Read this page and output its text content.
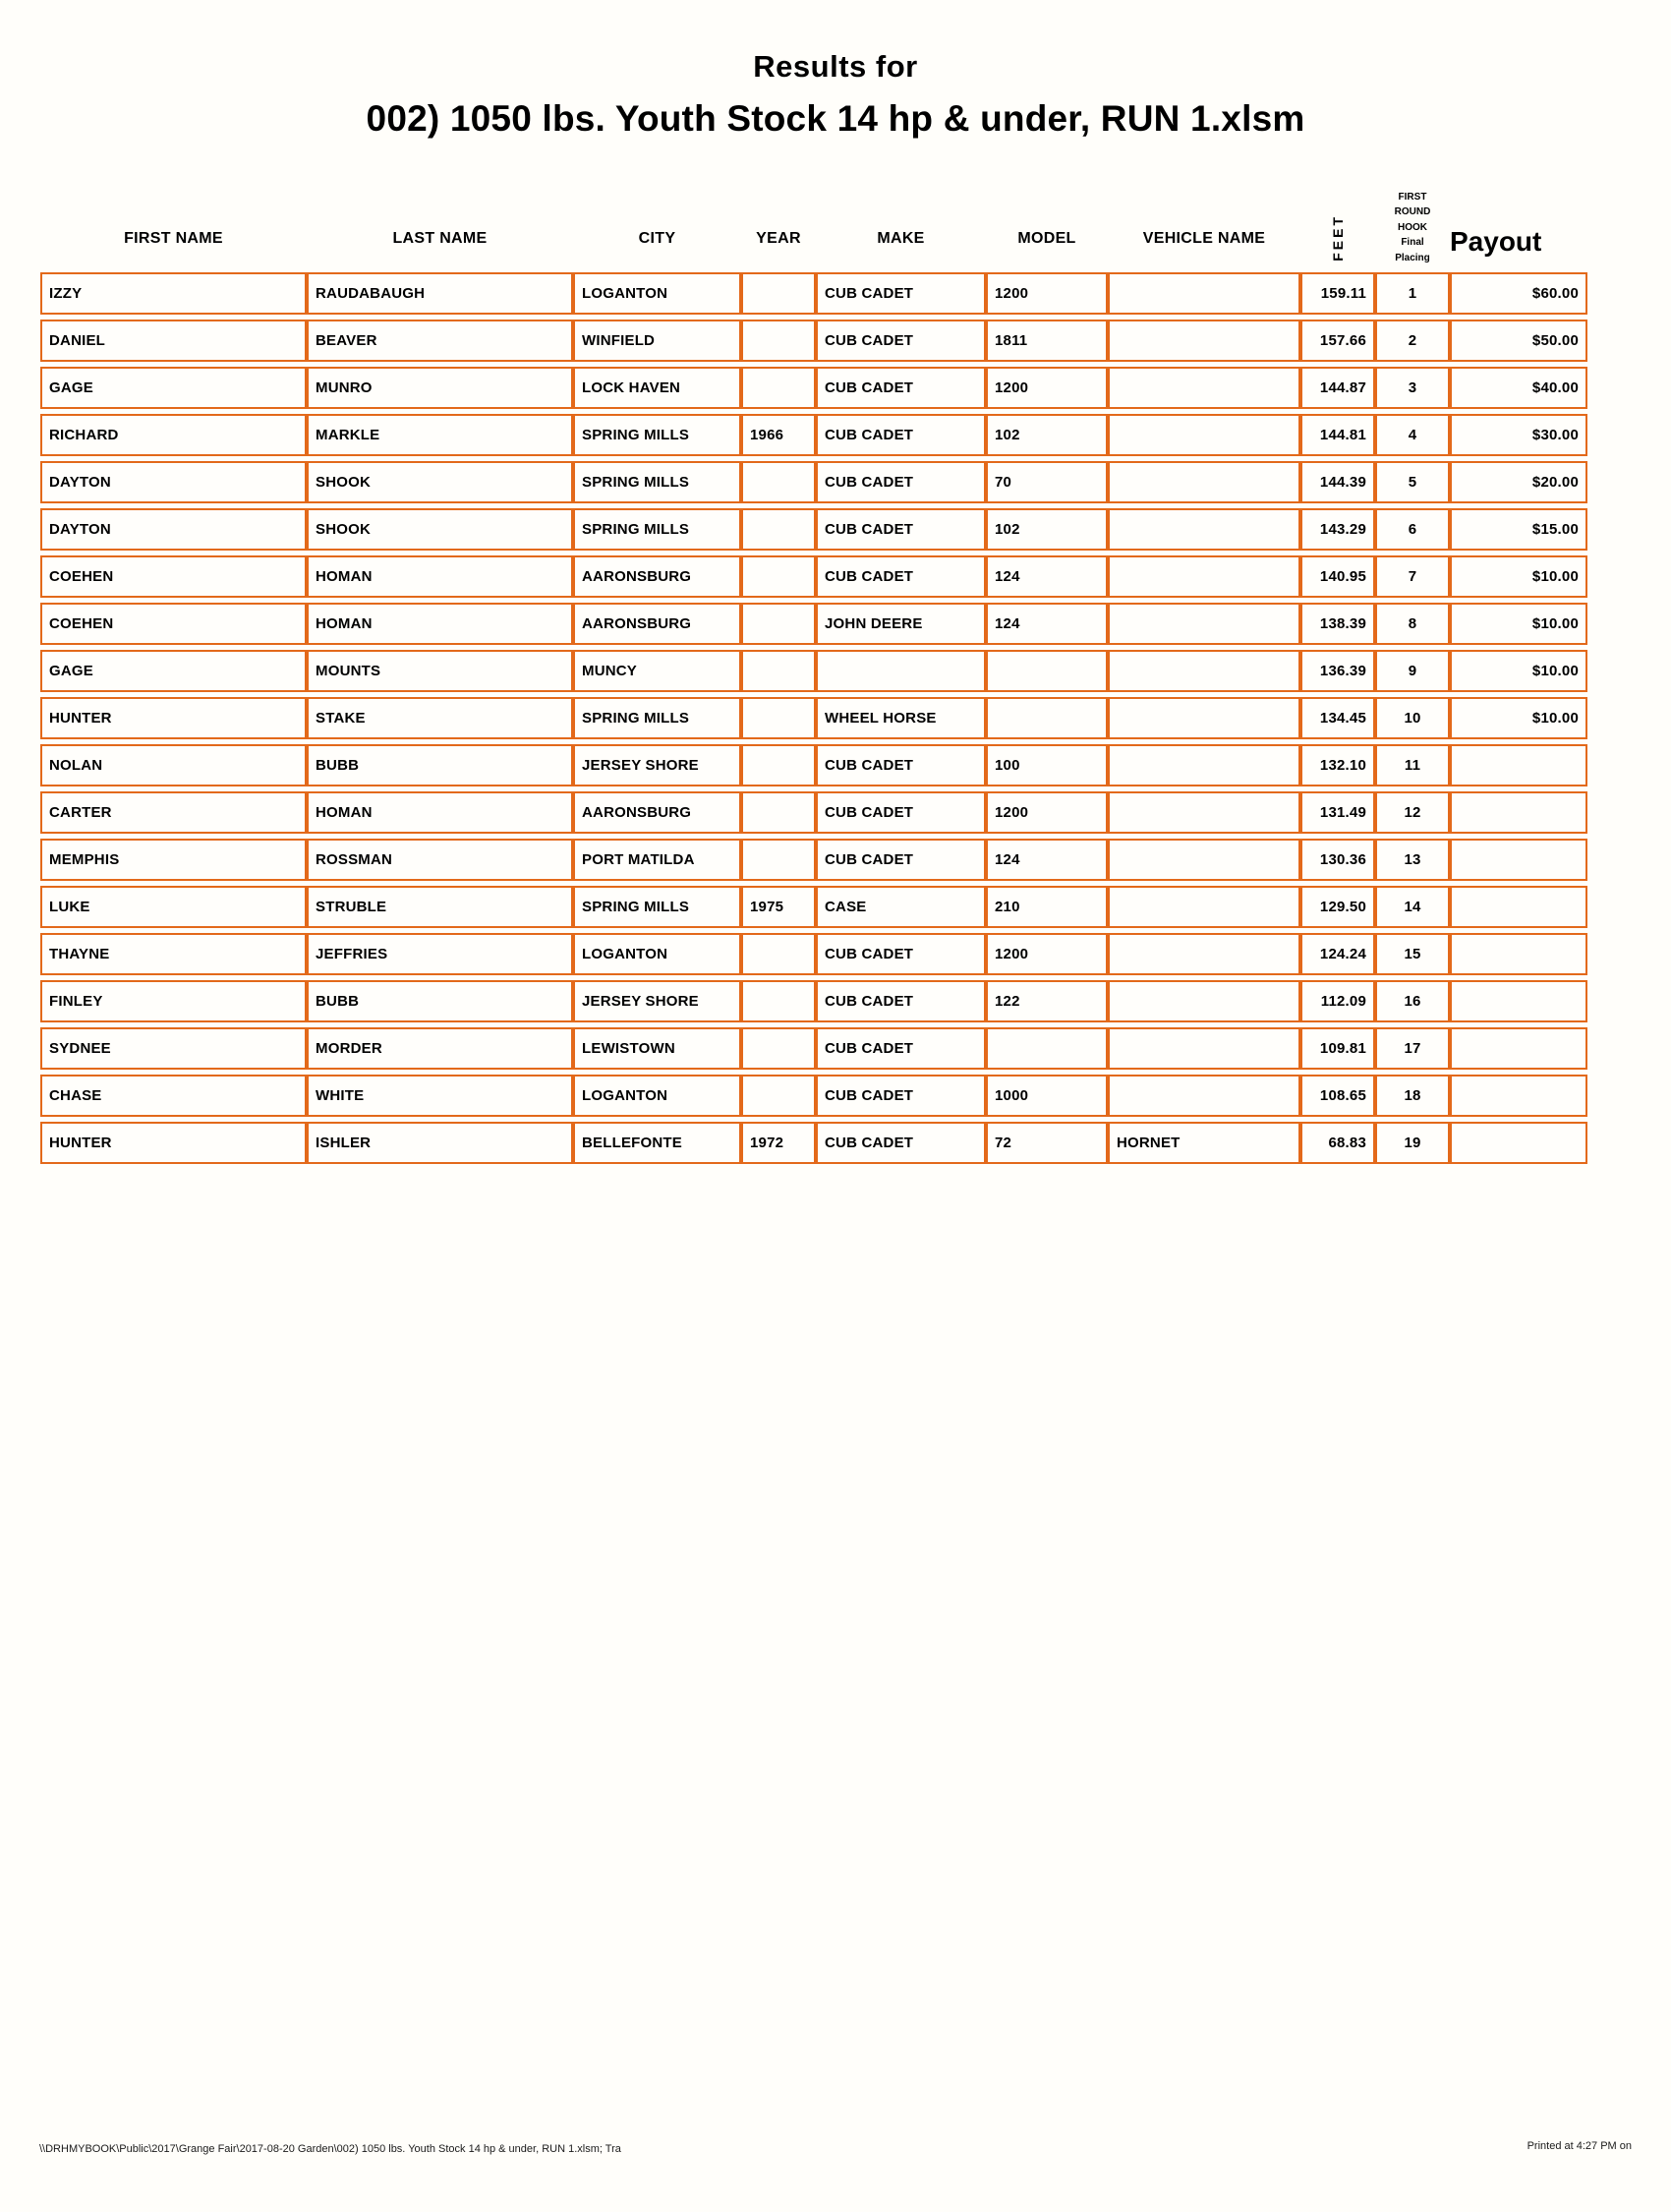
Results for
002) 1050 lbs. Youth Stock 14 hp & under, RUN 1.xlsm
FIRST NAME	LAST NAME	CITY	YEAR	MAKE	MODEL	VEHICLE NAME	FEET
FIRST
ROUND
HOOK
Final
Placing
Payout
IZZY	RAUDABAUGH	LOGANTON		CUB CADET	1200		159.11	1	$60.00
DANIEL	BEAVER	WINFIELD		CUB CADET	1811		157.66	2	$50.00
GAGE	MUNRO	LOCK HAVEN		CUB CADET	1200		144.87	3	$40.00
RICHARD	MARKLE	SPRING MILLS	1966	CUB CADET	102		144.81	4	$30.00
DAYTON	SHOOK	SPRING MILLS		CUB CADET	70		144.39	5	$20.00
DAYTON	SHOOK	SPRING MILLS		CUB CADET	102		143.29	6	$15.00
COEHEN	HOMAN	AARONSBURG		CUB CADET	124		140.95	7	$10.00
COEHEN	HOMAN	AARONSBURG		JOHN DEERE	124		138.39	8	$10.00
GAGE	MOUNTS	MUNCY					136.39	9	$10.00
HUNTER	STAKE	SPRING MILLS		WHEEL HORSE			134.45	10	$10.00
NOLAN	BUBB	JERSEY SHORE		CUB CADET	100		132.10	11	
CARTER	HOMAN	AARONSBURG		CUB CADET	1200		131.49	12	
MEMPHIS	ROSSMAN	PORT MATILDA		CUB CADET	124		130.36	13	
LUKE	STRUBLE	SPRING MILLS	1975	CASE	210		129.50	14	
THAYNE	JEFFRIES	LOGANTON		CUB CADET	1200		124.24	15	
FINLEY	BUBB	JERSEY SHORE		CUB CADET	122		112.09	16	
SYDNEE	MORDER	LEWISTOWN		CUB CADET			109.81	17	
CHASE	WHITE	LOGANTON		CUB CADET	1000		108.65	18	
HUNTER	ISHLER	BELLEFONTE	1972	CUB CADET	72	HORNET	68.83	19	
\\DRHMYBOOK\Public\2017\Grange Fair\2017-08-20 Garden\002) 1050 lbs. Youth Stock 14 hp & under, RUN 1.xlsm; Tra	Printed at 4:27 PM on
